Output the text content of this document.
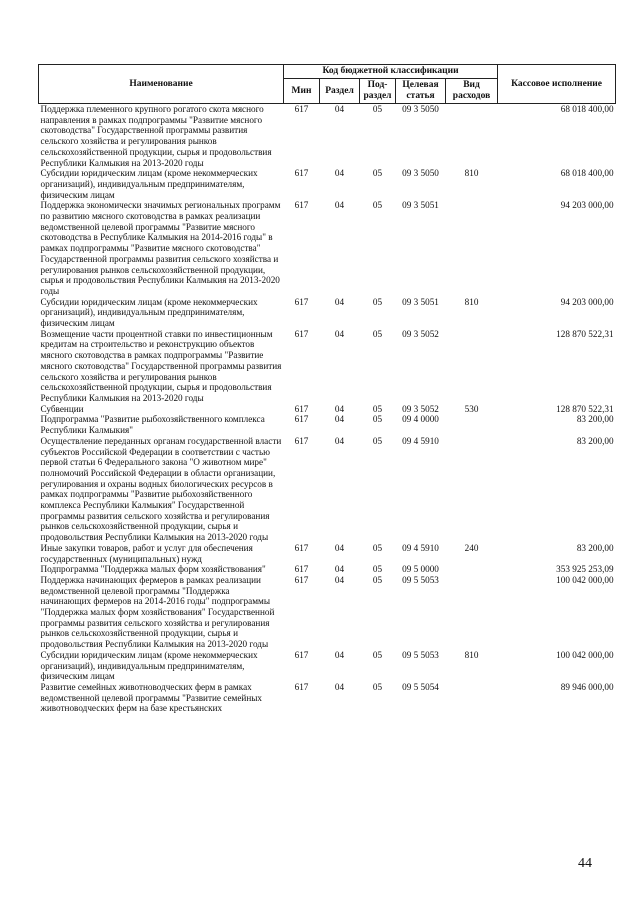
Наименование	Код бюджетной классификации					Кассовое исполнение
	Мин	Раздел	Под-раздел	Целевая статья	Вид расходов	
Поддержка племенного крупного рогатого скота мясного направления в рамках подпрограммы "Развитие мясного скотоводства" Государственной программы развития сельского хозяйства и регулирования рынков сельскохозяйственной продукции, сырья и продовольствия Республики Калмыкия на 2013-2020 годы	617	04	05	09 3 5050		68 018 400,00
Субсидии юридическим лицам (кроме некоммерческих организаций), индивидуальным предпринимателям, физическим лицам	617	04	05	09 3 5050	810	68 018 400,00
Поддержка экономически значимых региональных программ по развитию мясного скотоводства в рамках реализации ведомственной целевой программы "Развитие мясного скотоводства в Республике Калмыкия на 2014-2016 годы" в рамках подпрограммы "Развитие мясного скотоводства" Государственной программы развития сельского хозяйства и регулирования рынков сельскохозяйственной продукции, сырья и продовольствия Республики Калмыкия на 2013-2020 годы	617	04	05	09 3 5051		94 203 000,00
Субсидии юридическим лицам (кроме некоммерческих организаций), индивидуальным предпринимателям, физическим лицам	617	04	05	09 3 5051	810	94 203 000,00
Возмещение части процентной ставки по инвестиционным кредитам на строительство и реконструкцию объектов мясного скотоводства в рамках подпрограммы "Развитие мясного скотоводства" Государственной программы развития сельского хозяйства и регулирования рынков сельскохозяйственной продукции, сырья и продовольствия Республики Калмыкия на 2013-2020 годы	617	04	05	09 3 5052		128 870 522,31
Субвенции	617	04	05	09 3 5052	530	128 870 522,31
Подпрограмма "Развитие рыбохозяйственного комплекса Республики Калмыкия"	617	04	05	09 4 0000		83 200,00
Осуществление переданных органам государственной власти субъектов Российской Федерации в соответствии с частью первой статьи 6 Федерального закона "О животном мире" полномочий Российской Федерации в области организации, регулирования и охраны водных биологических ресурсов в рамках подпрограммы "Развитие рыбохозяйственного комплекса Республики Калмыкия" Государственной программы развития сельского хозяйства и регулирования рынков сельскохозяйственной продукции, сырья и продовольствия Республики Калмыкия на 2013-2020 годы	617	04	05	09 4 5910		83 200,00
Иные закупки товаров, работ и услуг для обеспечения государственных (муниципальных) нужд	617	04	05	09 4 5910	240	83 200,00
Подпрограмма "Поддержка малых форм хозяйствования"	617	04	05	09 5 0000		353 925 253,09
Поддержка начинающих фермеров в рамках реализации ведомственной целевой программы "Поддержка начинающих фермеров на 2014-2016 годы" подпрограммы "Поддержка малых форм хозяйствования" Государственной программы развития сельского хозяйства и регулирования рынков сельскохозяйственной продукции, сырья и продовольствия Республики Калмыкия на 2013-2020 годы	617	04	05	09 5 5053		100 042 000,00
Субсидии юридическим лицам (кроме некоммерческих организаций), индивидуальным предпринимателям, физическим лицам	617	04	05	09 5 5053	810	100 042 000,00
Развитие семейных животноводческих ферм в рамках ведомственной целевой программы "Развитие семейных животноводческих ферм на базе крестьянских	617	04	05	09 5 5054		89 946 000,00
44
